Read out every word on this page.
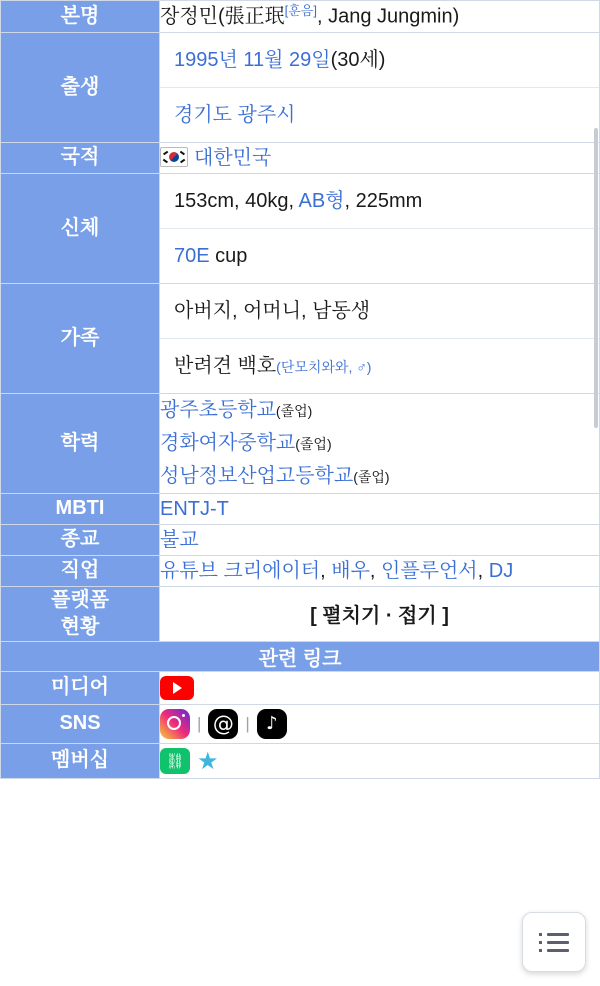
본명	장정민(張正珉[훈음], Jang Jungmin)

출생	1995년 11월 29일(30세)
경기도 광주시

국적	대한민국
신체	153cm, 40kg, AB형, 225mm
70E cup

가족	아버지, 어머니, 남동생
반려견 백호(단모치와와, ♂)

학력	광주초등학교(졸업)
경화여자중학교(졸업)
성남정보산업고등학교(졸업)

MBTI	ENTJ-T
종교	불교
직업	유튜브 크리에이터, 배우, 인플루언서, DJ

플랫폼
현황	[ 펼치기 · 접기 ]
관련 링크	
미디어	

SNS	| @ | ♪

멤버십	⛓ ★
